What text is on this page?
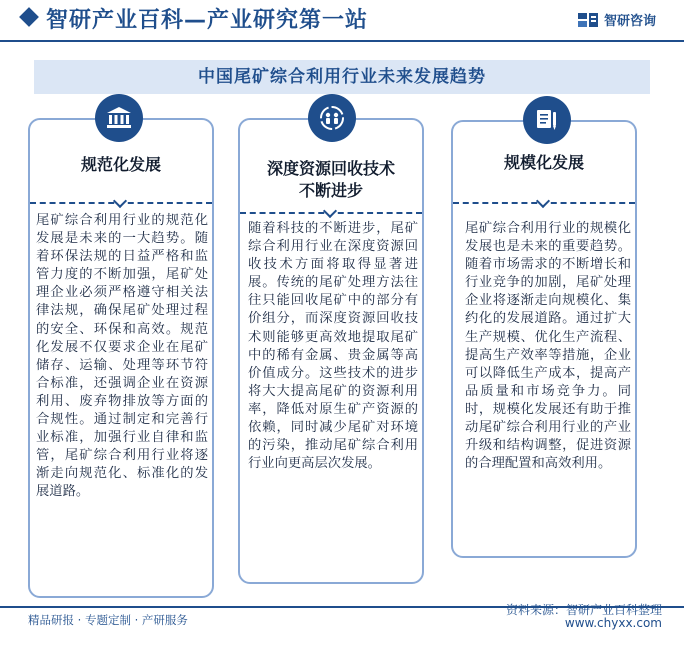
智研产业百科—产业研究第一站	智研咨询
中国尾矿综合利用行业未来发展趋势
规范化发展
尾矿综合利用行业的规范化发展是未来的一大趋势。随着环保法规的日益严格和监管力度的不断加强，尾矿处理企业必须严格遵守相关法律法规，确保尾矿处理过程的安全、环保和高效。规范化发展不仅要求企业在尾矿储存、运输、处理等环节符合标准，还强调企业在资源利用、废弃物排放等方面的合规性。通过制定和完善行业标准，加强行业自律和监管，尾矿综合利用行业将逐渐走向规范化、标准化的发展道路。
深度资源回收技术
不断进步
随着科技的不断进步，尾矿综合利用行业在深度资源回收技术方面将取得显著进展。传统的尾矿处理方法往往只能回收尾矿中的部分有价组分，而深度资源回收技术则能够更高效地提取尾矿中的稀有金属、贵金属等高价值成分。这些技术的进步将大大提高尾矿的资源利用率，降低对原生矿产资源的依赖，同时减少尾矿对环境的污染，推动尾矿综合利用行业向更高层次发展。
规模化发展
尾矿综合利用行业的规模化发展也是未来的重要趋势。随着市场需求的不断增长和行业竞争的加剧，尾矿处理企业将逐渐走向规模化、集约化的发展道路。通过扩大生产规模、优化生产流程、提高生产效率等措施，企业可以降低生产成本，提高产品质量和市场竞争力。同时，规模化发展还有助于推动尾矿综合利用行业的产业升级和结构调整，促进资源的合理配置和高效利用。
精品研报 · 专题定制 · 产研服务
资料来源：智研产业百科整理
www.chyxx.com
